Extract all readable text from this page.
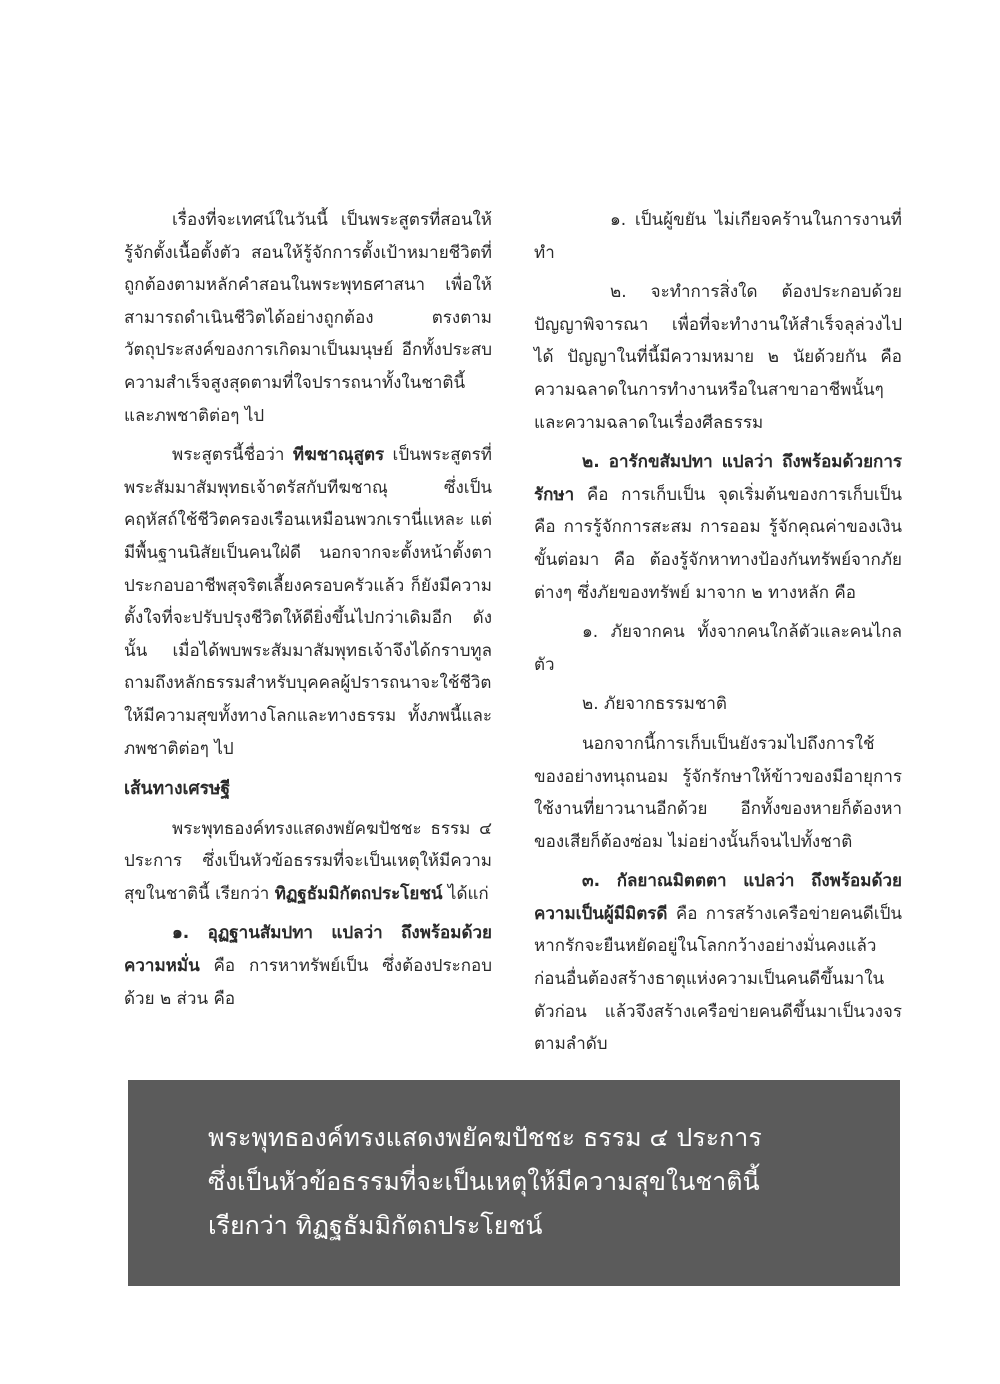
เรื่องที่จะเทศน์ในวันนี้ เป็นพระสูตรที่สอนให้รู้จักตั้งเนื้อตั้งตัว สอนให้รู้จักการตั้งเป้าหมายชีวิตที่ถูกต้องตามหลักคำสอนในพระพุทธศาสนา เพื่อให้สามารถดำเนินชีวิตได้อย่างถูกต้อง ตรงตามวัตถุประสงค์ของการเกิดมาเป็นมนุษย์ อีกทั้งประสบความสำเร็จสูงสุดตามที่ใจปรารถนาทั้งในชาตินี้และภพชาติต่อๆ ไป

พระสูตรนี้ชื่อว่า ทีฆชาณุสูตร เป็นพระสูตรที่พระสัมมาสัมพุทธเจ้าตรัสกับทีฆชาณุ ซึ่งเป็นคฤหัสถ์ใช้ชีวิตครองเรือนเหมือนพวกเรานี่แหละ แต่มีพื้นฐานนิสัยเป็นคนใฝ่ดี นอกจากจะตั้งหน้าตั้งตาประกอบอาชีพสุจริตเลี้ยงครอบครัวแล้ว ก็ยังมีความตั้งใจที่จะปรับปรุงชีวิตให้ดียิ่งขึ้นไปกว่าเดิมอีก ดังนั้น เมื่อได้พบพระสัมมาสัมพุทธเจ้าจึงได้กราบทูลถามถึงหลักธรรมสำหรับบุคคลผู้ปรารถนาจะใช้ชีวิตให้มีความสุขทั้งทางโลกและทางธรรม ทั้งภพนี้และภพชาติต่อๆ ไป

เส้นทางเศรษฐี

พระพุทธองค์ทรงแสดงพยัคฆปัชชะ ธรรม ๔ ประการ ซึ่งเป็นหัวข้อธรรมที่จะเป็นเหตุให้มีความสุขในชาตินี้ เรียกว่า ทิฏฐธัมมิกัตถประโยชน์ ได้แก่

๑. อุฏฐานสัมปทา แปลว่า ถึงพร้อมด้วยความหมั่น คือ การหาทรัพย์เป็น ซึ่งต้องประกอบด้วย ๒ ส่วน คือ

๑. เป็นผู้ขยัน ไม่เกียจคร้านในการงานที่ทำ

๒. จะทำการสิ่งใด ต้องประกอบด้วยปัญญาพิจารณา เพื่อที่จะทำงานให้สำเร็จลุล่วงไปได้ ปัญญาในที่นี้มีความหมาย ๒ นัยด้วยกัน คือ ความฉลาดในการทำงานหรือในสาขาอาชีพนั้นๆ และความฉลาดในเรื่องศีลธรรม

๒. อารักขสัมปทา แปลว่า ถึงพร้อมด้วยการรักษา คือ การเก็บเป็น จุดเริ่มต้นของการเก็บเป็น คือ การรู้จักการสะสม การออม รู้จักคุณค่าของเงิน ขั้นต่อมา คือ ต้องรู้จักหาทางป้องกันทรัพย์จากภัยต่างๆ ซึ่งภัยของทรัพย์ มาจาก ๒ ทางหลัก คือ

๑. ภัยจากคน ทั้งจากคนใกล้ตัวและคนไกลตัว

๒. ภัยจากธรรมชาติ

นอกจากนี้การเก็บเป็นยังรวมไปถึงการใช้ของอย่างทนุถนอม รู้จักรักษาให้ข้าวของมีอายุการใช้งานที่ยาวนานอีกด้วย อีกทั้งของหายก็ต้องหา ของเสียก็ต้องซ่อม ไม่อย่างนั้นก็จนไปทั้งชาติ

๓. กัลยาณมิตตตา แปลว่า ถึงพร้อมด้วยความเป็นผู้มีมิตรดี คือ การสร้างเครือข่ายคนดีเป็น หากรักจะยืนหยัดอยู่ในโลกกว้างอย่างมั่นคงแล้ว ก่อนอื่นต้องสร้างธาตุแห่งความเป็นคนดีขึ้นมาในตัวก่อน แล้วจึงสร้างเครือข่ายคนดีขึ้นมาเป็นวงจรตามลำดับ

พระพุทธองค์ทรงแสดงพยัคฆปัชชะ ธรรม ๔ ประการ
ซึ่งเป็นหัวข้อธรรมที่จะเป็นเหตุให้มีความสุขในชาตินี้
เรียกว่า ทิฏฐธัมมิกัตถประโยชน์
